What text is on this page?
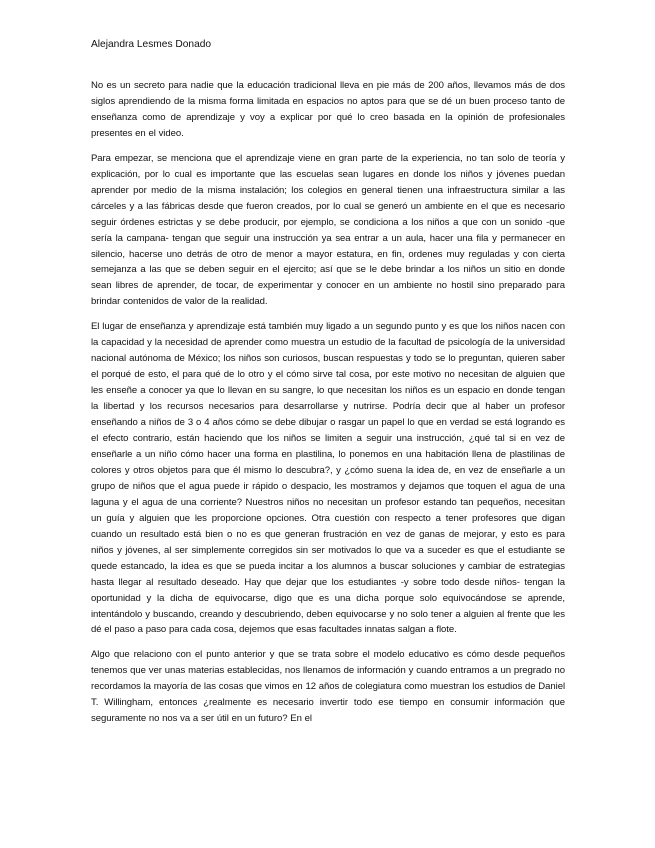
Alejandra Lesmes Donado

No es un secreto para nadie que la educación tradicional lleva en pie más de 200 años, llevamos más de dos siglos aprendiendo de la misma forma limitada en espacios no aptos para que se dé un buen proceso tanto de enseñanza como de aprendizaje y voy a explicar por qué lo creo basada en la opinión de profesionales presentes en el video.

Para empezar, se menciona que el aprendizaje viene en gran parte de la experiencia, no tan solo de teoría y explicación, por lo cual es importante que las escuelas sean lugares en donde los niños y jóvenes puedan aprender por medio de la misma instalación; los colegios en general tienen una infraestructura similar a las cárceles y a las fábricas desde que fueron creados, por lo cual se generó un ambiente en el que es necesario seguir órdenes estrictas y se debe producir, por ejemplo, se condiciona a los niños a que con un sonido -que sería la campana- tengan que seguir una instrucción ya sea entrar a un aula, hacer una fila y permanecer en silencio, hacerse uno detrás de otro de menor a mayor estatura, en fin, ordenes muy reguladas y con cierta semejanza a las que se deben seguir en el ejercito; así que se le debe brindar a los niños un sitio en donde sean libres de aprender, de tocar, de experimentar y conocer en un ambiente no hostil sino preparado para brindar contenidos de valor de la realidad.

El lugar de enseñanza y aprendizaje está también muy ligado a un segundo punto y es que los niños nacen con la capacidad y la necesidad de aprender como muestra un estudio de la facultad de psicología de la universidad nacional autónoma de México; los niños son curiosos, buscan respuestas y todo se lo preguntan, quieren saber el porqué de esto, el para qué de lo otro y el cómo sirve tal cosa, por este motivo no necesitan de alguien que les enseñe a conocer ya que lo llevan en su sangre, lo que necesitan los niños es un espacio en donde tengan la libertad y los recursos necesarios para desarrollarse y nutrirse. Podría decir que al haber un profesor enseñando a niños de 3 o 4 años cómo se debe dibujar o rasgar un papel lo que en verdad se está logrando es el efecto contrario, están haciendo que los niños se limiten a seguir una instrucción, ¿qué tal si en vez de enseñarle a un niño cómo hacer una forma en plastilina, lo ponemos en una habitación llena de plastilinas de colores y otros objetos para que él mismo lo descubra?, y ¿cómo suena la idea de, en vez de enseñarle a un grupo de niños que el agua puede ir rápido o despacio, les mostramos y dejamos que toquen el agua de una laguna y el agua de una corriente? Nuestros niños no necesitan un profesor estando tan pequeños, necesitan un guía y alguien que les proporcione opciones. Otra cuestión con respecto a tener profesores que digan cuando un resultado está bien o no es que generan frustración en vez de ganas de mejorar, y esto es para niños y jóvenes, al ser simplemente corregidos sin ser motivados lo que va a suceder es que el estudiante se quede estancado, la idea es que se pueda incitar a los alumnos a buscar soluciones y cambiar de estrategias hasta llegar al resultado deseado. Hay que dejar que los estudiantes -y sobre todo desde niños- tengan la oportunidad y la dicha de equivocarse, digo que es una dicha porque solo equivocándose se aprende, intentándolo y buscando, creando y descubriendo, deben equivocarse y no solo tener a alguien al frente que les dé el paso a paso para cada cosa, dejemos que esas facultades innatas salgan a flote.

Algo que relaciono con el punto anterior y que se trata sobre el modelo educativo es cómo desde pequeños tenemos que ver unas materias establecidas, nos llenamos de información y cuando entramos a un pregrado no recordamos la mayoría de las cosas que vimos en 12 años de colegiatura como muestran los estudios de Daniel T. Willingham, entonces ¿realmente es necesario invertir todo ese tiempo en consumir información que seguramente no nos va a ser útil en un futuro? En el
